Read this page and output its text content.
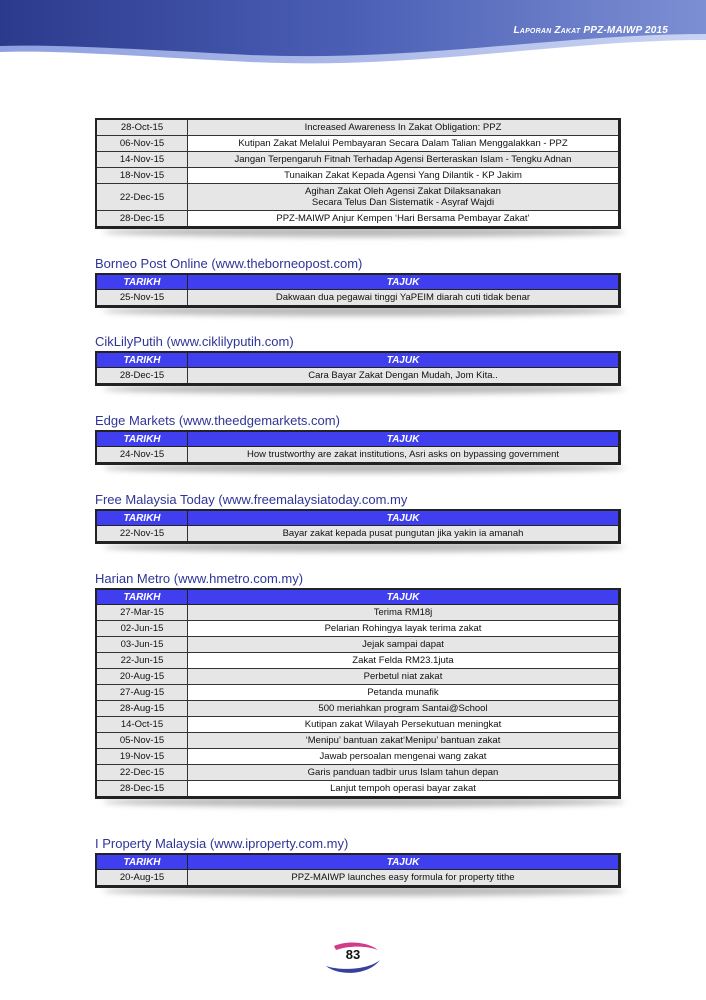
Laporan Zakat PPZ-MAIWP 2015
28-Oct-15	Increased Awareness In Zakat Obligation: PPZ
06-Nov-15	Kutipan Zakat Melalui Pembayaran Secara Dalam Talian Menggalakkan - PPZ
14-Nov-15	Jangan Terpengaruh Fitnah Terhadap Agensi Berteraskan Islam - Tengku Adnan
18-Nov-15	Tunaikan Zakat Kepada Agensi Yang Dilantik - KP Jakim
22-Dec-15	Agihan Zakat Oleh Agensi Zakat Dilaksanakan
Secara Telus Dan Sistematik - Asyraf Wajdi

28-Dec-15	PPZ-MAIWP Anjur Kempen ‘Hari Bersama Pembayar Zakat’
Borneo Post Online (www.theborneopost.com)
TARIKH	TAJUK
25-Nov-15	Dakwaan dua pegawai tinggi YaPEIM diarah cuti tidak benar
CikLilyPutih (www.ciklilyputih.com)
TARIKH	TAJUK
28-Dec-15	Cara Bayar Zakat Dengan Mudah, Jom Kita..
Edge Markets (www.theedgemarkets.com)
TARIKH	TAJUK
24-Nov-15	How trustworthy are zakat institutions, Asri asks on bypassing government
Free Malaysia Today (www.freemalaysiatoday.com.my
TARIKH	TAJUK
22-Nov-15	Bayar zakat kepada pusat pungutan jika yakin ia amanah
Harian Metro (www.hmetro.com.my)
TARIKH	TAJUK
27-Mar-15	Terima RM18j
02-Jun-15	Pelarian Rohingya layak terima zakat
03-Jun-15	Jejak sampai dapat
22-Jun-15	Zakat Felda RM23.1juta
20-Aug-15	Perbetul niat zakat
27-Aug-15	Petanda munafik
28-Aug-15	500 meriahkan program Santai@School
14-Oct-15	Kutipan zakat Wilayah Persekutuan meningkat
05-Nov-15	‘Menipu’ bantuan zakat‘Menipu’ bantuan zakat
19-Nov-15	Jawab persoalan mengenai wang zakat
22-Dec-15	Garis panduan tadbir urus Islam tahun depan
28-Dec-15	Lanjut tempoh operasi bayar zakat
I Property Malaysia (www.iproperty.com.my)
TARIKH	TAJUK
20-Aug-15	PPZ-MAIWP launches easy formula for property tithe
83
